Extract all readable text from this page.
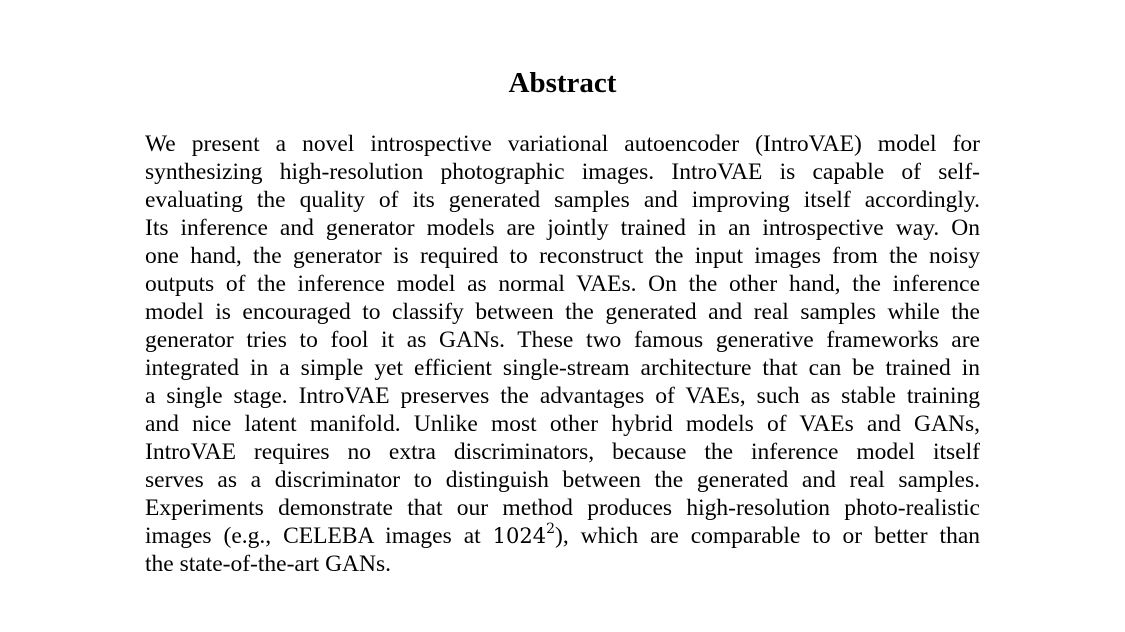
Abstract
We present a novel introspective variational autoencoder (IntroVAE) model for
synthesizing high-resolution photographic images. IntroVAE is capable of self-
evaluating the quality of its generated samples and improving itself accordingly.
Its inference and generator models are jointly trained in an introspective way. On
one hand, the generator is required to reconstruct the input images from the noisy
outputs of the inference model as normal VAEs. On the other hand, the inference
model is encouraged to classify between the generated and real samples while the
generator tries to fool it as GANs. These two famous generative frameworks are
integrated in a simple yet efficient single-stream architecture that can be trained in
a single stage. IntroVAE preserves the advantages of VAEs, such as stable training
and nice latent manifold. Unlike most other hybrid models of VAEs and GANs,
IntroVAE requires no extra discriminators, because the inference model itself
serves as a discriminator to distinguish between the generated and real samples.
Experiments demonstrate that our method produces high-resolution photo-realistic
images (e.g., CELEBA images at 1024$^2$), which are comparable to or better than
the state-of-the-art GANs.
